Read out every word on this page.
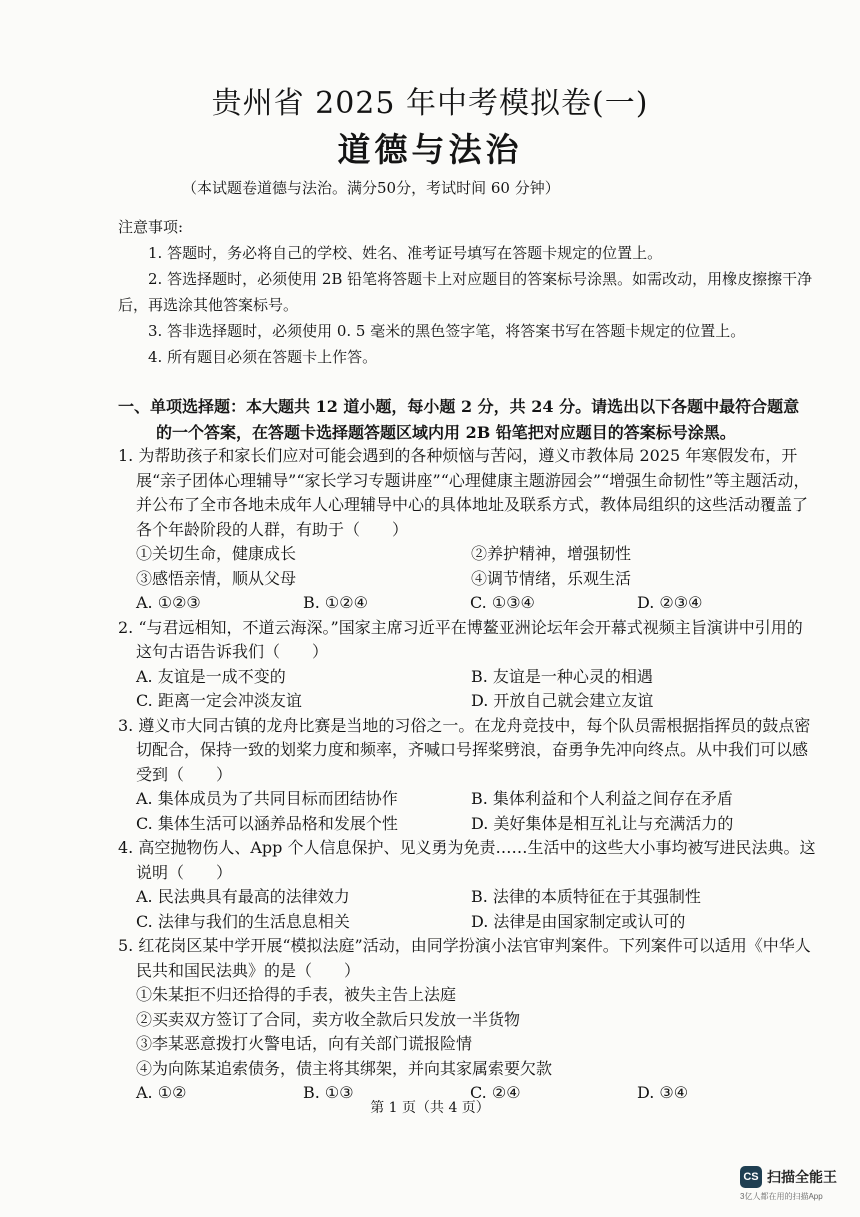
贵州省 2025 年中考模拟卷(一)
道德与法治
（本试题卷道德与法治。满分50分，考试时间 60 分钟）
注意事项:
1. 答题时，务必将自己的学校、姓名、准考证号填写在答题卡规定的位置上。
2. 答选择题时，必须使用 2B 铅笔将答题卡上对应题目的答案标号涂黑。如需改动，用橡皮擦擦干净后，再选涂其他答案标号。
3. 答非选择题时，必须使用 0. 5 毫米的黑色签字笔，将答案书写在答题卡规定的位置上。
4. 所有题目必须在答题卡上作答。
一、单项选择题：本大题共 12 道小题，每小题 2 分，共 24 分。请选出以下各题中最符合题意
的一个答案，在答题卡选择题答题区域内用 2B 铅笔把对应题目的答案标号涂黑。
1. 为帮助孩子和家长们应对可能会遇到的各种烦恼与苦闷，遵义市教体局 2025 年寒假发布，开展“亲子团体心理辅导”“家长学习专题讲座”“心理健康主题游园会”“增强生命韧性”等主题活动，并公布了全市各地未成年人心理辅导中心的具体地址及联系方式，教体局组织的这些活动覆盖了各个年龄阶段的人群，有助于（　　）
①关切生命，健康成长	②养护精神，增强韧性
③感悟亲情，顺从父母	④调节情绪，乐观生活
A. ①②③	B. ①②④	C. ①③④	D. ②③④
2. “与君远相知，不道云海深。”国家主席习近平在博鳌亚洲论坛年会开幕式视频主旨演讲中引用的这句古语告诉我们（　　）
A. 友谊是一成不变的	B. 友谊是一种心灵的相遇
C. 距离一定会冲淡友谊	D. 开放自己就会建立友谊
3. 遵义市大同古镇的龙舟比赛是当地的习俗之一。在龙舟竞技中，每个队员需根据指挥员的鼓点密切配合，保持一致的划桨力度和频率，齐喊口号挥桨劈浪，奋勇争先冲向终点。从中我们可以感受到（　　）
A. 集体成员为了共同目标而团结协作	B. 集体利益和个人利益之间存在矛盾
C. 集体生活可以涵养品格和发展个性	D. 美好集体是相互礼让与充满活力的
4. 高空抛物伤人、App 个人信息保护、见义勇为免责……生活中的这些大小事均被写进民法典。这说明（　　）
A. 民法典具有最高的法律效力	B. 法律的本质特征在于其强制性
C. 法律与我们的生活息息相关	D. 法律是由国家制定或认可的
5. 红花岗区某中学开展“模拟法庭”活动，由同学扮演小法官审判案件。下列案件可以适用《中华人民共和国民法典》的是（　　）
①朱某拒不归还拾得的手表，被失主告上法庭
②买卖双方签订了合同，卖方收全款后只发放一半货物
③李某恶意拨打火警电话，向有关部门谎报险情
④为向陈某追索债务，债主将其绑架，并向其家属索要欠款
A. ①②	B. ①③	C. ②④	D. ③④
第 1 页（共 4 页）
CS 扫描全能王
3亿人都在用的扫描App
